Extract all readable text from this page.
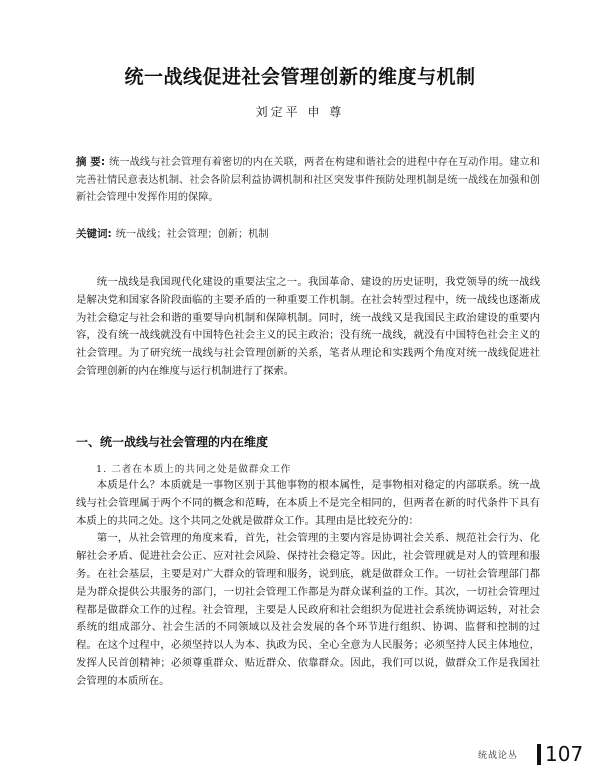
统一战线促进社会管理创新的维度与机制
刘定平 申 尊
摘 要: 统一战线与社会管理有着密切的内在关联，两者在构建和谐社会的进程中存在互动作用。建立和完善社情民意表达机制、社会各阶层利益协调机制和社区突发事件预防处理机制是统一战线在加强和创新社会管理中发挥作用的保障。
关键词: 统一战线；社会管理；创新；机制

统一战线是我国现代化建设的重要法宝之一。我国革命、建设的历史证明，我党领导的统一战线是解决党和国家各阶段面临的主要矛盾的一种重要工作机制。在社会转型过程中，统一战线也逐渐成为社会稳定与社会和谐的重要导向机制和保障机制。同时，统一战线又是我国民主政治建设的重要内容，没有统一战线就没有中国特色社会主义的民主政治；没有统一战线，就没有中国特色社会主义的社会管理。为了研究统一战线与社会管理创新的关系，笔者从理论和实践两个角度对统一战线促进社会管理创新的内在维度与运行机制进行了探索。

一、统一战线与社会管理的内在维度
1. 二者在本质上的共同之处是做群众工作

本质是什么？本质就是一事物区别于其他事物的根本属性，是事物相对稳定的内部联系。统一战线与社会管理属于两个不同的概念和范畴，在本质上不是完全相同的，但两者在新的时代条件下具有本质上的共同之处。这个共同之处就是做群众工作。其理由是比较充分的：

第一，从社会管理的角度来看，首先，社会管理的主要内容是协调社会关系、规范社会行为、化解社会矛盾、促进社会公正、应对社会风险、保持社会稳定等。因此，社会管理就是对人的管理和服务。在社会基层，主要是对广大群众的管理和服务，说到底，就是做群众工作。一切社会管理部门都是为群众提供公共服务的部门，一切社会管理工作都是为群众谋利益的工作。其次，一切社会管理过程都是做群众工作的过程。社会管理，主要是人民政府和社会组织为促进社会系统协调运转，对社会系统的组成部分、社会生活的不同领域以及社会发展的各个环节进行组织、协调、监督和控制的过程。在这个过程中，必须坚持以人为本、执政为民、全心全意为人民服务；必须坚持人民主体地位，发挥人民首创精神；必须尊重群众、贴近群众、依靠群众。因此，我们可以说，做群众工作是我国社会管理的本质所在。

统战论丛 107
